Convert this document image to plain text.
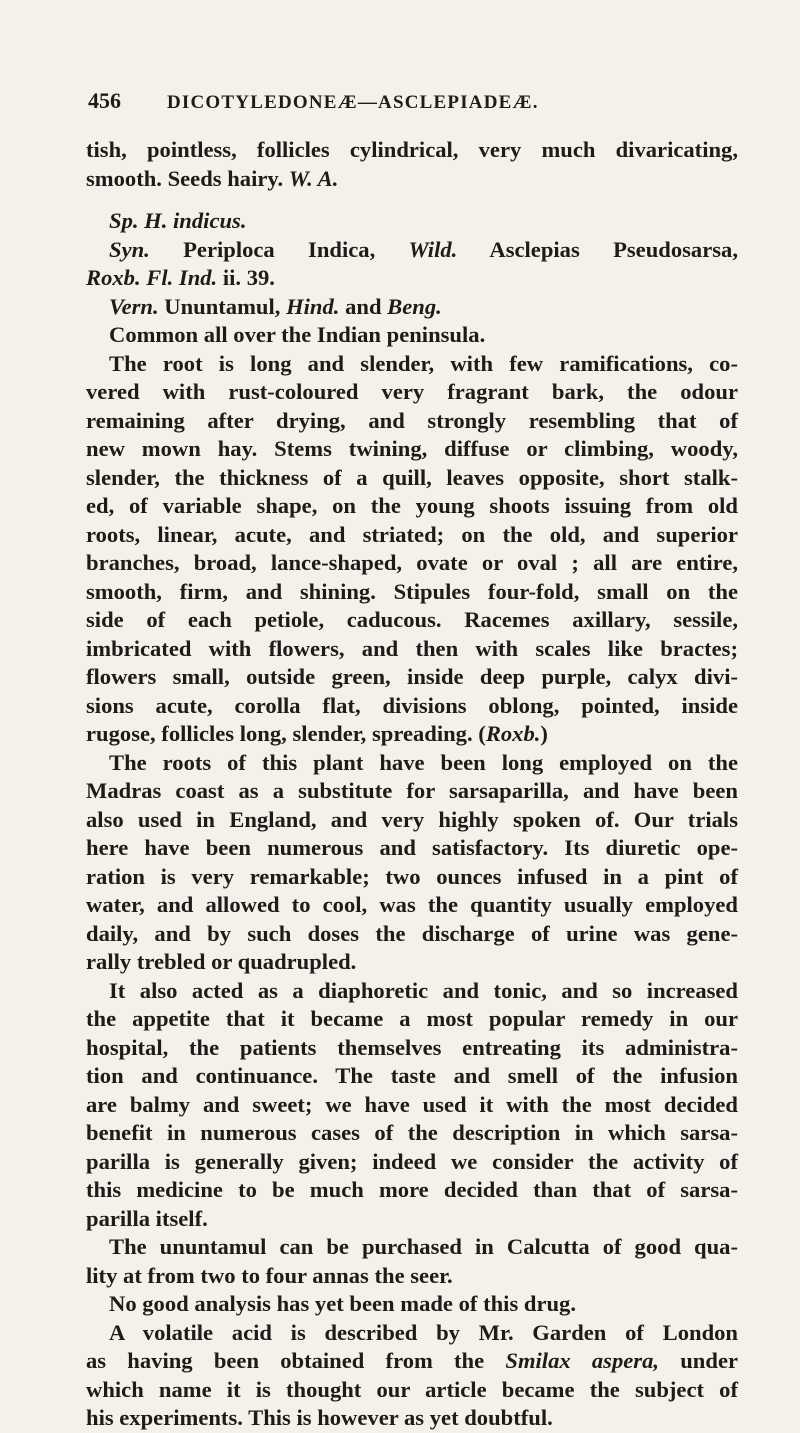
456 DICOTYLEDONEÆ—ASCLEPIADEÆ.
tish, pointless, follicles cylindrical, very much divaricating,
smooth. Seeds hairy. W. A.
Sp. H. indicus.
Syn. Periploca Indica, Wild. Asclepias Pseudosarsa,
Roxb. Fl. Ind. ii. 39.
Vern. Ununtamul, Hind. and Beng.
Common all over the Indian peninsula.
The root is long and slender, with few ramifications, co-
vered with rust-coloured very fragrant bark, the odour
remaining after drying, and strongly resembling that of
new mown hay. Stems twining, diffuse or climbing, woody,
slender, the thickness of a quill, leaves opposite, short stalk-
ed, of variable shape, on the young shoots issuing from old
roots, linear, acute, and striated; on the old, and superior
branches, broad, lance-shaped, ovate or oval ; all are entire,
smooth, firm, and shining. Stipules four-fold, small on the
side of each petiole, caducous. Racemes axillary, sessile,
imbricated with flowers, and then with scales like bractes;
flowers small, outside green, inside deep purple, calyx divi-
sions acute, corolla flat, divisions oblong, pointed, inside
rugose, follicles long, slender, spreading. (Roxb.)
The roots of this plant have been long employed on the
Madras coast as a substitute for sarsaparilla, and have been
also used in England, and very highly spoken of. Our trials
here have been numerous and satisfactory. Its diuretic ope-
ration is very remarkable; two ounces infused in a pint of
water, and allowed to cool, was the quantity usually employed
daily, and by such doses the discharge of urine was gene-
rally trebled or quadrupled.
It also acted as a diaphoretic and tonic, and so increased
the appetite that it became a most popular remedy in our
hospital, the patients themselves entreating its administra-
tion and continuance. The taste and smell of the infusion
are balmy and sweet; we have used it with the most decided
benefit in numerous cases of the description in which sarsa-
parilla is generally given; indeed we consider the activity of
this medicine to be much more decided than that of sarsa-
parilla itself.
The ununtamul can be purchased in Calcutta of good qua-
lity at from two to four annas the seer.
No good analysis has yet been made of this drug.
A volatile acid is described by Mr. Garden of London
as having been obtained from the Smilax aspera, under
which name it is thought our article became the subject of
his experiments. This is however as yet doubtful.
